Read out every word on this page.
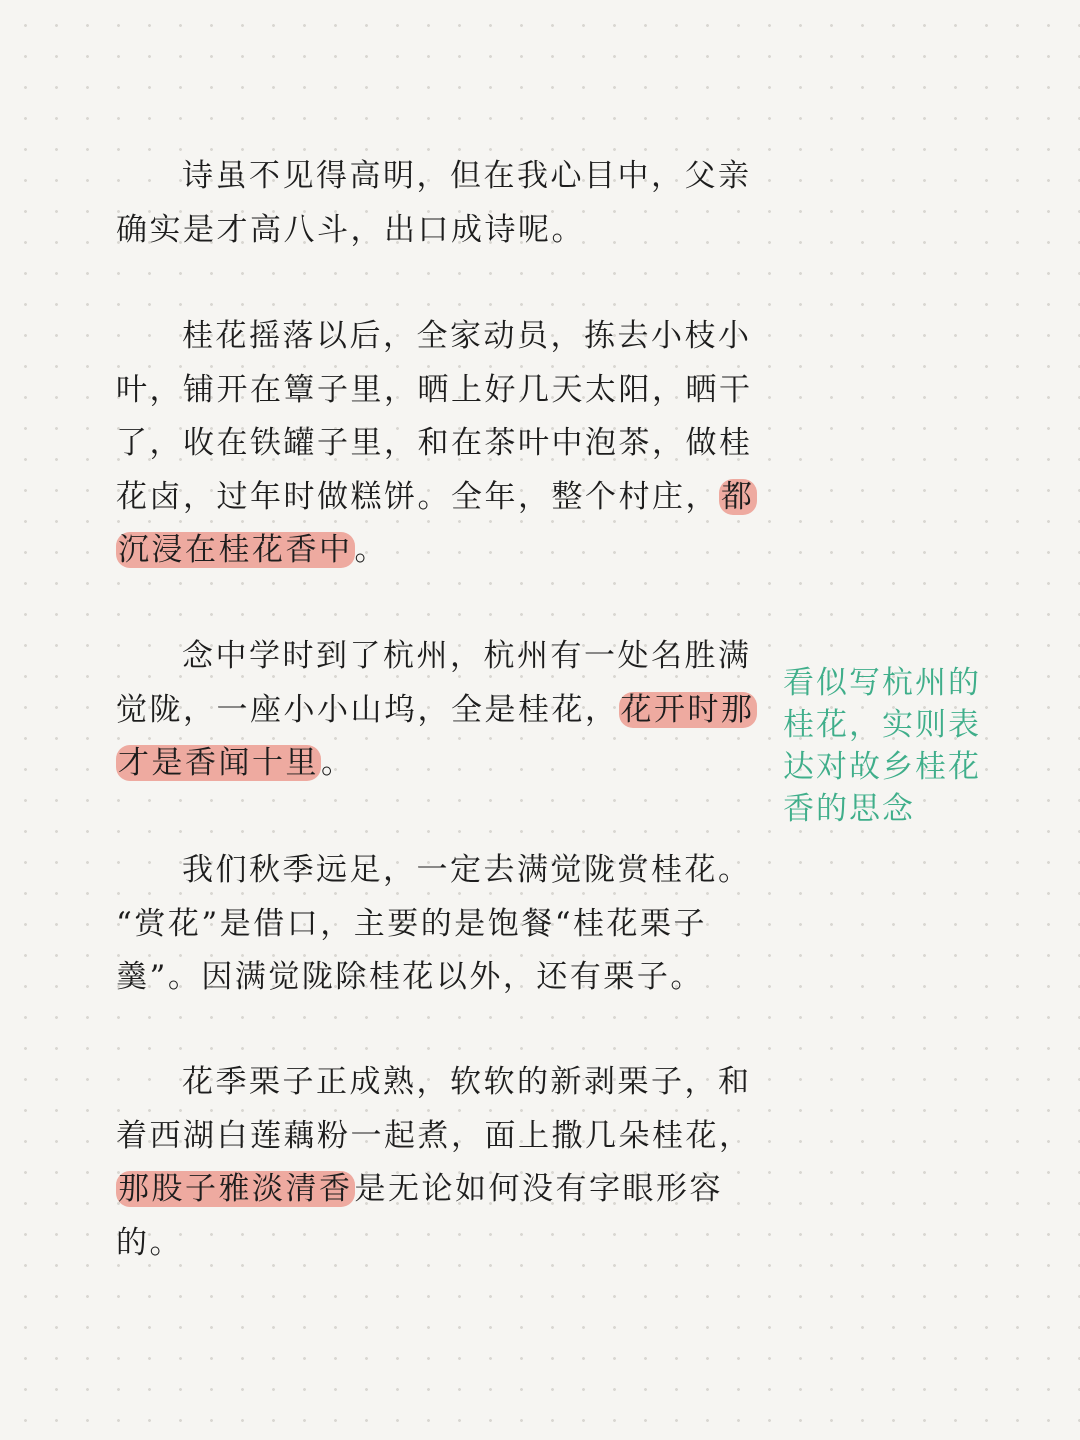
诗虽不见得高明，但在我心目中，父亲
确实是才高八斗，出口成诗呢。
桂花摇落以后，全家动员，拣去小枝小
叶，铺开在簟子里，晒上好几天太阳，晒干
了，收在铁罐子里，和在茶叶中泡茶，做桂
花卤，过年时做糕饼。全年，整个村庄，都
沉浸在桂花香中。
念中学时到了杭州，杭州有一处名胜满
觉陇，一座小小山坞，全是桂花，花开时那
才是香闻十里。
我们秋季远足，一定去满觉陇赏桂花。
“赏花”是借口，主要的是饱餐“桂花栗子
羹”。因满觉陇除桂花以外，还有栗子。
花季栗子正成熟，软软的新剥栗子，和
着西湖白莲藕粉一起煮，面上撒几朵桂花，
那股子雅淡清香是无论如何没有字眼形容
的。
看似写杭州的
桂花，实则表
达对故乡桂花
香的思念
